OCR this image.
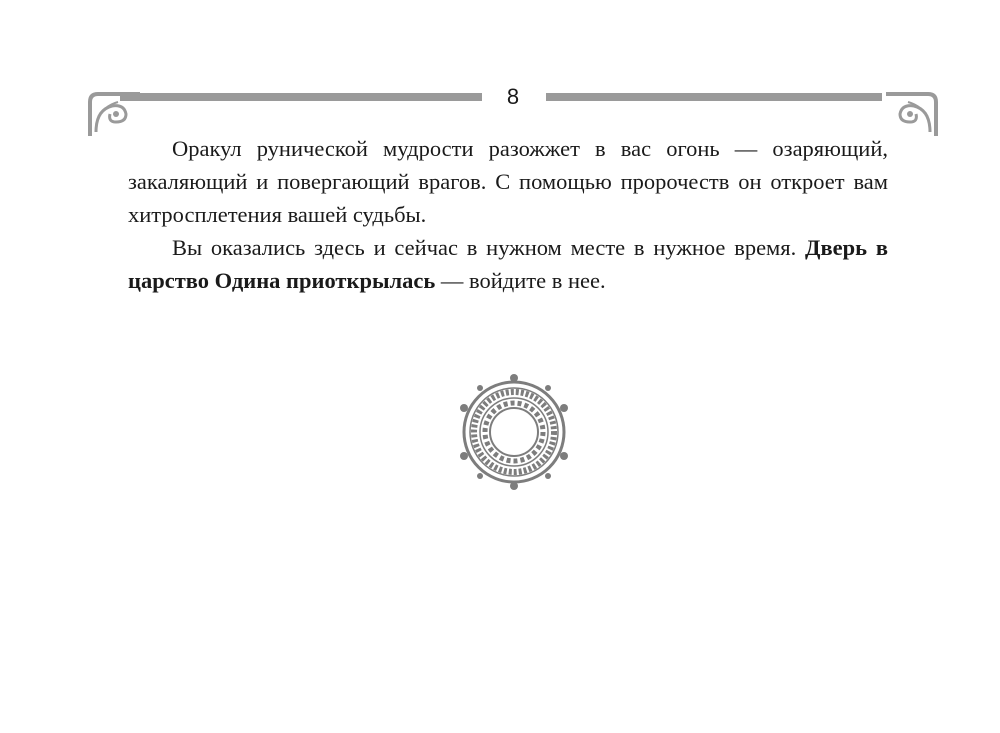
8

Оракул рунической мудрости разожжет в вас огонь — озаряющий, закаляющий и повергающий врагов. С помощью пророчеств он откроет вам хитросплетения вашей судьбы.

Вы оказались здесь и сейчас в нужном месте в нужное время. Дверь в царство Одина приоткрылась — войдите в нее.
